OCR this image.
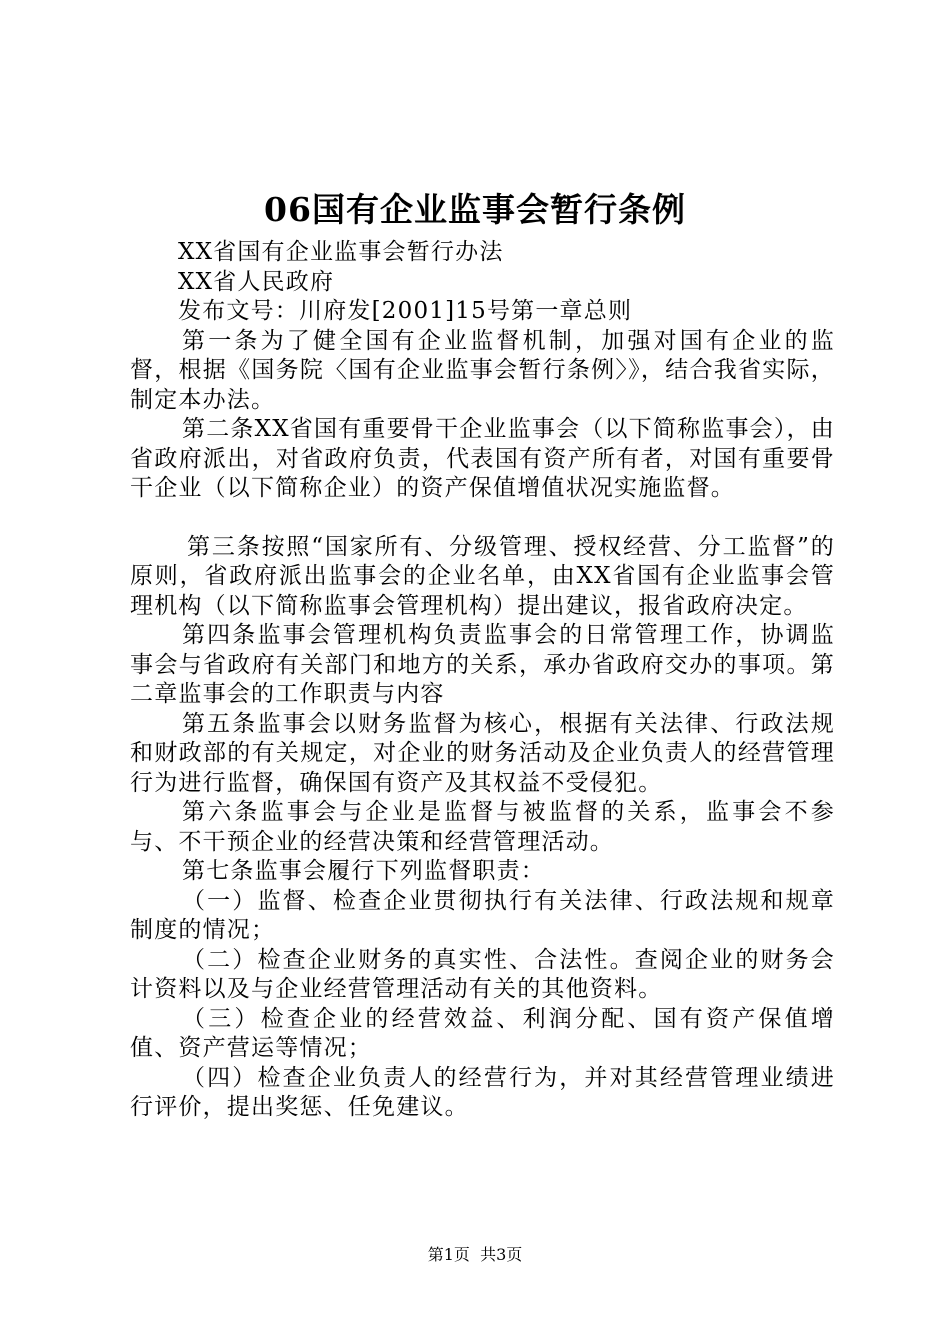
06国有企业监事会暂行条例

XX省国有企业监事会暂行办法

XX省人民政府

发布文号：川府发[2001]15号第一章总则

第一条为了健全国有企业监督机制，加强对国有企业的监督，根据《国务院〈国有企业监事会暂行条例〉》，结合我省实际，制定本办法。

第二条XX省国有重要骨干企业监事会（以下简称监事会），由省政府派出，对省政府负责，代表国有资产所有者，对国有重要骨干企业（以下简称企业）的资产保值增值状况实施监督。

第三条按照“国家所有、分级管理、授权经营、分工监督”的原则，省政府派出监事会的企业名单，由XX省国有企业监事会管理机构（以下简称监事会管理机构）提出建议，报省政府决定。

第四条监事会管理机构负责监事会的日常管理工作，协调监事会与省政府有关部门和地方的关系，承办省政府交办的事项。第二章监事会的工作职责与内容

第五条监事会以财务监督为核心，根据有关法律、行政法规和财政部的有关规定，对企业的财务活动及企业负责人的经营管理行为进行监督，确保国有资产及其权益不受侵犯。

第六条监事会与企业是监督与被监督的关系，监事会不参与、不干预企业的经营决策和经营管理活动。

第七条监事会履行下列监督职责：

（一）监督、检查企业贯彻执行有关法律、行政法规和规章制度的情况；

（二）检查企业财务的真实性、合法性。查阅企业的财务会计资料以及与企业经营管理活动有关的其他资料。

（三）检查企业的经营效益、利润分配、国有资产保值增值、资产营运等情况；

（四）检查企业负责人的经营行为，并对其经营管理业绩进行评价，提出奖惩、任免建议。

第1页  共3页
